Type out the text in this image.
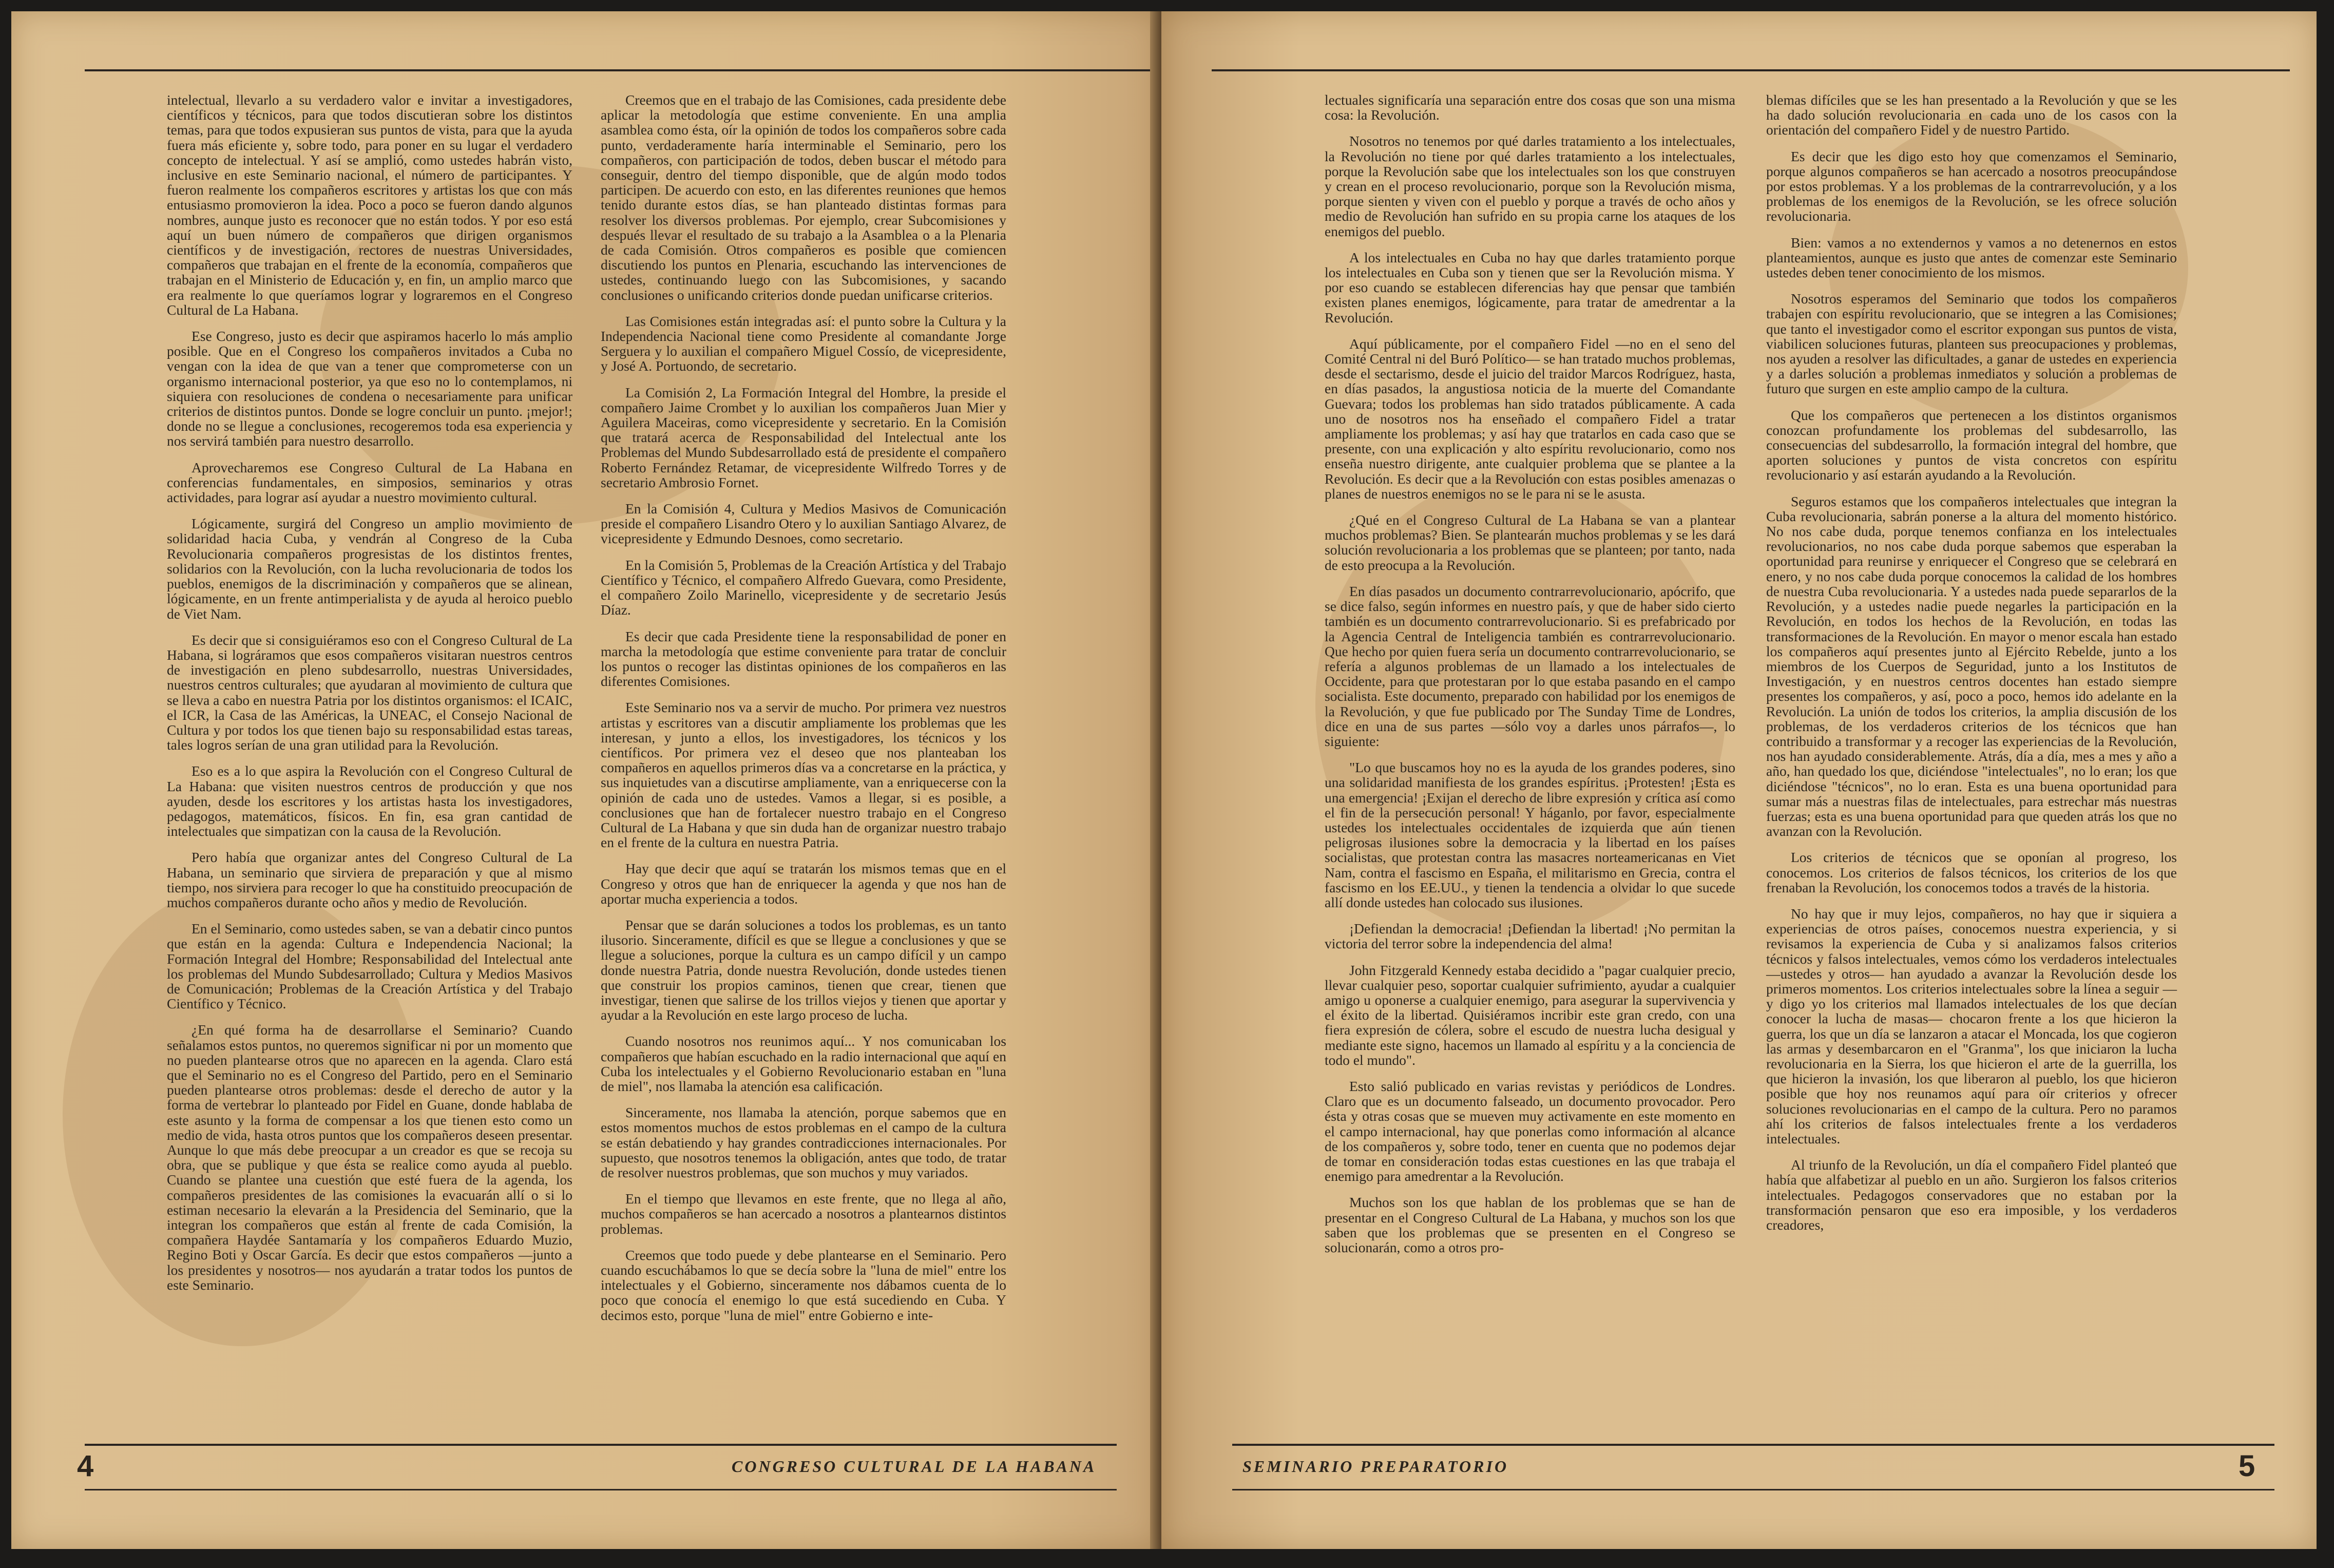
intelectual, llevarlo a su verdadero valor e invitar a investigadores, científicos y técnicos, para que todos discutieran sobre los distintos temas, para que todos expusieran sus puntos de vista, para que la ayuda fuera más eficiente y, sobre todo, para poner en su lugar el verdadero concepto de intelectual. Y así se amplió, como ustedes habrán visto, inclusive en este Seminario nacional, el número de participantes. Y fueron realmente los compañeros escritores y artistas los que con más entusiasmo promovieron la idea. Poco a poco se fueron dando algunos nombres, aunque justo es reconocer que no están todos. Y por eso está aquí un buen número de compañeros que dirigen organismos científicos y de investigación, rectores de nuestras Universidades, compañeros que trabajan en el frente de la economía, compañeros que trabajan en el Ministerio de Educación y, en fin, un amplio marco que era realmente lo que queríamos lograr y lograremos en el Congreso Cultural de La Habana.

Ese Congreso, justo es decir que aspiramos hacerlo lo más amplio posible. Que en el Congreso los compañeros invitados a Cuba no vengan con la idea de que van a tener que comprometerse con un organismo internacional posterior, ya que eso no lo contemplamos, ni siquiera con resoluciones de condena o necesariamente para unificar criterios de distintos puntos. Donde se logre concluir un punto. ¡mejor!; donde no se llegue a conclusiones, recogeremos toda esa experiencia y nos servirá también para nuestro desarrollo.

Aprovecharemos ese Congreso Cultural de La Habana en conferencias fundamentales, en simposios, seminarios y otras actividades, para lograr así ayudar a nuestro movimiento cultural.

Lógicamente, surgirá del Congreso un amplio movimiento de solidaridad hacia Cuba, y vendrán al Congreso de la Cuba Revolucionaria compañeros progresistas de los distintos frentes, solidarios con la Revolución, con la lucha revolucionaria de todos los pueblos, enemigos de la discriminación y compañeros que se alinean, lógicamente, en un frente antimperialista y de ayuda al heroico pueblo de Viet Nam.

Es decir que si consiguiéramos eso con el Congreso Cultural de La Habana, si lográramos que esos compañeros visitaran nuestros centros de investigación en pleno subdesarrollo, nuestras Universidades, nuestros centros culturales; que ayudaran al movimiento de cultura que se lleva a cabo en nuestra Patria por los distintos organismos: el ICAIC, el ICR, la Casa de las Américas, la UNEAC, el Consejo Nacional de Cultura y por todos los que tienen bajo su responsabilidad estas tareas, tales logros serían de una gran utilidad para la Revolución.

Eso es a lo que aspira la Revolución con el Congreso Cultural de La Habana: que visiten nuestros centros de producción y que nos ayuden, desde los escritores y los artistas hasta los investigadores, pedagogos, matemáticos, físicos. En fin, esa gran cantidad de intelectuales que simpatizan con la causa de la Revolución.

Pero había que organizar antes del Congreso Cultural de La Habana, un seminario que sirviera de preparación y que al mismo tiempo, nos sirviera para recoger lo que ha constituido preocupación de muchos compañeros durante ocho años y medio de Revolución.

En el Seminario, como ustedes saben, se van a debatir cinco puntos que están en la agenda: Cultura e Independencia Nacional; la Formación Integral del Hombre; Responsabilidad del Intelectual ante los problemas del Mundo Subdesarrollado; Cultura y Medios Masivos de Comunicación; Problemas de la Creación Artística y del Trabajo Científico y Técnico.

¿En qué forma ha de desarrollarse el Seminario? Cuando señalamos estos puntos, no queremos significar ni por un momento que no pueden plantearse otros que no aparecen en la agenda. Claro está que el Seminario no es el Congreso del Partido, pero en el Seminario pueden plantearse otros problemas: desde el derecho de autor y la forma de vertebrar lo planteado por Fidel en Guane, donde hablaba de este asunto y la forma de compensar a los que tienen esto como un medio de vida, hasta otros puntos que los compañeros deseen presentar. Aunque lo que más debe preocupar a un creador es que se recoja su obra, que se publique y que ésta se realice como ayuda al pueblo. Cuando se plantee una cuestión que esté fuera de la agenda, los compañeros presidentes de las comisiones la evacuarán allí o si lo estiman necesario la elevarán a la Presidencia del Seminario, que la integran los compañeros que están al frente de cada Comisión, la compañera Haydée Santamaría y los compañeros Eduardo Muzio, Regino Boti y Oscar García. Es decir que estos compañeros —junto a los presidentes y nosotros— nos ayudarán a tratar todos los puntos de este Seminario.

Creemos que en el trabajo de las Comisiones, cada presidente debe aplicar la metodología que estime conveniente. En una amplia asamblea como ésta, oír la opinión de todos los compañeros sobre cada punto, verdaderamente haría interminable el Seminario, pero los compañeros, con participación de todos, deben buscar el método para conseguir, dentro del tiempo disponible, que de algún modo todos participen. De acuerdo con esto, en las diferentes reuniones que hemos tenido durante estos días, se han planteado distintas formas para resolver los diversos problemas. Por ejemplo, crear Subcomisiones y después llevar el resultado de su trabajo a la Asamblea o a la Plenaria de cada Comisión. Otros compañeros es posible que comiencen discutiendo los puntos en Plenaria, escuchando las intervenciones de ustedes, continuando luego con las Subcomisiones, y sacando conclusiones o unificando criterios donde puedan unificarse criterios.

Las Comisiones están integradas así: el punto sobre la Cultura y la Independencia Nacional tiene como Presidente al comandante Jorge Serguera y lo auxilian el compañero Miguel Cossío, de vicepresidente, y José A. Portuondo, de secretario.

La Comisión 2, La Formación Integral del Hombre, la preside el compañero Jaime Crombet y lo auxilian los compañeros Juan Mier y Aguilera Maceiras, como vicepresidente y secretario. En la Comisión que tratará acerca de Responsabilidad del Intelectual ante los Problemas del Mundo Subdesarrollado está de presidente el compañero Roberto Fernández Retamar, de vicepresidente Wilfredo Torres y de secretario Ambrosio Fornet.

En la Comisión 4, Cultura y Medios Masivos de Comunicación preside el compañero Lisandro Otero y lo auxilian Santiago Alvarez, de vicepresidente y Edmundo Desnoes, como secretario.

En la Comisión 5, Problemas de la Creación Artística y del Trabajo Científico y Técnico, el compañero Alfredo Guevara, como Presidente, el compañero Zoilo Marinello, vicepresidente y de secretario Jesús Díaz.

Es decir que cada Presidente tiene la responsabilidad de poner en marcha la metodología que estime conveniente para tratar de concluir los puntos o recoger las distintas opiniones de los compañeros en las diferentes Comisiones.

Este Seminario nos va a servir de mucho. Por primera vez nuestros artistas y escritores van a discutir ampliamente los problemas que les interesan, y junto a ellos, los investigadores, los técnicos y los científicos. Por primera vez el deseo que nos planteaban los compañeros en aquellos primeros días va a concretarse en la práctica, y sus inquietudes van a discutirse ampliamente, van a enriquecerse con la opinión de cada uno de ustedes. Vamos a llegar, si es posible, a conclusiones que han de fortalecer nuestro trabajo en el Congreso Cultural de La Habana y que sin duda han de organizar nuestro trabajo en el frente de la cultura en nuestra Patria.

Hay que decir que aquí se tratarán los mismos temas que en el Congreso y otros que han de enriquecer la agenda y que nos han de aportar mucha experiencia a todos.

Pensar que se darán soluciones a todos los problemas, es un tanto ilusorio. Sinceramente, difícil es que se llegue a conclusiones y que se llegue a soluciones, porque la cultura es un campo difícil y un campo donde nuestra Patria, donde nuestra Revolución, donde ustedes tienen que construir los propios caminos, tienen que crear, tienen que investigar, tienen que salirse de los trillos viejos y tienen que aportar y ayudar a la Revolución en este largo proceso de lucha.

Cuando nosotros nos reunimos aquí... Y nos comunicaban los compañeros que habían escuchado en la radio internacional que aquí en Cuba los intelectuales y el Gobierno Revolucionario estaban en "luna de miel", nos llamaba la atención esa calificación.

Sinceramente, nos llamaba la atención, porque sabemos que en estos momentos muchos de estos problemas en el campo de la cultura se están debatiendo y hay grandes contradicciones internacionales. Por supuesto, que nosotros tenemos la obligación, antes que todo, de tratar de resolver nuestros problemas, que son muchos y muy variados.

En el tiempo que llevamos en este frente, que no llega al año, muchos compañeros se han acercado a nosotros a plantearnos distintos problemas.

Creemos que todo puede y debe plantearse en el Seminario. Pero cuando escuchábamos lo que se decía sobre la "luna de miel" entre los intelectuales y el Gobierno, sinceramente nos dábamos cuenta de lo poco que conocía el enemigo lo que está sucediendo en Cuba. Y decimos esto, porque "luna de miel" entre Gobierno e inte-

4	CONGRESO CULTURAL DE LA HABANA

lectuales significaría una separación entre dos cosas que son una misma cosa: la Revolución.

Nosotros no tenemos por qué darles tratamiento a los intelectuales, la Revolución no tiene por qué darles tratamiento a los intelectuales, porque la Revolución sabe que los intelectuales son los que construyen y crean en el proceso revolucionario, porque son la Revolución misma, porque sienten y viven con el pueblo y porque a través de ocho años y medio de Revolución han sufrido en su propia carne los ataques de los enemigos del pueblo.

A los intelectuales en Cuba no hay que darles tratamiento porque los intelectuales en Cuba son y tienen que ser la Revolución misma. Y por eso cuando se establecen diferencias hay que pensar que también existen planes enemigos, lógicamente, para tratar de amedrentar a la Revolución.

Aquí públicamente, por el compañero Fidel —no en el seno del Comité Central ni del Buró Político— se han tratado muchos problemas, desde el sectarismo, desde el juicio del traidor Marcos Rodríguez, hasta, en días pasados, la angustiosa noticia de la muerte del Comandante Guevara; todos los problemas han sido tratados públicamente. A cada uno de nosotros nos ha enseñado el compañero Fidel a tratar ampliamente los problemas; y así hay que tratarlos en cada caso que se presente, con una explicación y alto espíritu revolucionario, como nos enseña nuestro dirigente, ante cualquier problema que se plantee a la Revolución. Es decir que a la Revolución con estas posibles amenazas o planes de nuestros enemigos no se le para ni se le asusta.

¿Qué en el Congreso Cultural de La Habana se van a plantear muchos problemas? Bien. Se plantearán muchos problemas y se les dará solución revolucionaria a los problemas que se planteen; por tanto, nada de esto preocupa a la Revolución.

En días pasados un documento contrarrevolucionario, apócrifo, que se dice falso, según informes en nuestro país, y que de haber sido cierto también es un documento contrarrevolucionario. Si es prefabricado por la Agencia Central de Inteligencia también es contrarrevolucionario. Que hecho por quien fuera sería un documento contrarrevolucionario, se refería a algunos problemas de un llamado a los intelectuales de Occidente, para que protestaran por lo que estaba pasando en el campo socialista. Este documento, preparado con habilidad por los enemigos de la Revolución, y que fue publicado por The Sunday Time de Londres, dice en una de sus partes —sólo voy a darles unos párrafos—, lo siguiente:

"Lo que buscamos hoy no es la ayuda de los grandes poderes, sino una solidaridad manifiesta de los grandes espíritus. ¡Protesten! ¡Esta es una emergencia! ¡Exijan el derecho de libre expresión y crítica así como el fin de la persecución personal! Y háganlo, por favor, especialmente ustedes los intelectuales occidentales de izquierda que aún tienen peligrosas ilusiones sobre la democracia y la libertad en los países socialistas, que protestan contra las masacres norteamericanas en Viet Nam, contra el fascismo en España, el militarismo en Grecia, contra el fascismo en los EE.UU., y tienen la tendencia a olvidar lo que sucede allí donde ustedes han colocado sus ilusiones.

¡Defiendan la democracia! ¡Defiendan la libertad! ¡No permitan la victoria del terror sobre la independencia del alma!

John Fitzgerald Kennedy estaba decidido a "pagar cualquier precio, llevar cualquier peso, soportar cualquier sufrimiento, ayudar a cualquier amigo u oponerse a cualquier enemigo, para asegurar la supervivencia y el éxito de la libertad. Quisiéramos incribir este gran credo, con una fiera expresión de cólera, sobre el escudo de nuestra lucha desigual y mediante este signo, hacemos un llamado al espíritu y a la conciencia de todo el mundo".

Esto salió publicado en varias revistas y periódicos de Londres. Claro que es un documento falseado, un documento provocador. Pero ésta y otras cosas que se mueven muy activamente en este momento en el campo internacional, hay que ponerlas como información al alcance de los compañeros y, sobre todo, tener en cuenta que no podemos dejar de tomar en consideración todas estas cuestiones en las que trabaja el enemigo para amedrentar a la Revolución.

Muchos son los que hablan de los problemas que se han de presentar en el Congreso Cultural de La Habana, y muchos son los que saben que los problemas que se presenten en el Congreso se solucionarán, como a otros pro-

blemas difíciles que se les han presentado a la Revolución y que se les ha dado solución revolucionaria en cada uno de los casos con la orientación del compañero Fidel y de nuestro Partido.

Es decir que les digo esto hoy que comenzamos el Seminario, porque algunos compañeros se han acercado a nosotros preocupándose por estos problemas. Y a los problemas de la contrarrevolución, y a los problemas de los enemigos de la Revolución, se les ofrece solución revolucionaria.

Bien: vamos a no extendernos y vamos a no detenernos en estos planteamientos, aunque es justo que antes de comenzar este Seminario ustedes deben tener conocimiento de los mismos.

Nosotros esperamos del Seminario que todos los compañeros trabajen con espíritu revolucionario, que se integren a las Comisiones; que tanto el investigador como el escritor expongan sus puntos de vista, viabilicen soluciones futuras, planteen sus preocupaciones y problemas, nos ayuden a resolver las dificultades, a ganar de ustedes en experiencia y a darles solución a problemas inmediatos y solución a problemas de futuro que surgen en este amplio campo de la cultura.

Que los compañeros que pertenecen a los distintos organismos conozcan profundamente los problemas del subdesarrollo, las consecuencias del subdesarrollo, la formación integral del hombre, que aporten soluciones y puntos de vista concretos con espíritu revolucionario y así estarán ayudando a la Revolución.

Seguros estamos que los compañeros intelectuales que integran la Cuba revolucionaria, sabrán ponerse a la altura del momento histórico. No nos cabe duda, porque tenemos confianza en los intelectuales revolucionarios, no nos cabe duda porque sabemos que esperaban la oportunidad para reunirse y enriquecer el Congreso que se celebrará en enero, y no nos cabe duda porque conocemos la calidad de los hombres de nuestra Cuba revolucionaria. Y a ustedes nada puede separarlos de la Revolución, y a ustedes nadie puede negarles la participación en la Revolución, en todos los hechos de la Revolución, en todas las transformaciones de la Revolución. En mayor o menor escala han estado los compañeros aquí presentes junto al Ejército Rebelde, junto a los miembros de los Cuerpos de Seguridad, junto a los Institutos de Investigación, y en nuestros centros docentes han estado siempre presentes los compañeros, y así, poco a poco, hemos ido adelante en la Revolución. La unión de todos los criterios, la amplia discusión de los problemas, de los verdaderos criterios de los técnicos que han contribuido a transformar y a recoger las experiencias de la Revolución, nos han ayudado considerablemente. Atrás, día a día, mes a mes y año a año, han quedado los que, diciéndose "intelectuales", no lo eran; los que diciéndose "técnicos", no lo eran. Esta es una buena oportunidad para sumar más a nuestras filas de intelectuales, para estrechar más nuestras fuerzas; esta es una buena oportunidad para que queden atrás los que no avanzan con la Revolución.

Los criterios de técnicos que se oponían al progreso, los conocemos. Los criterios de falsos técnicos, los criterios de los que frenaban la Revolución, los conocemos todos a través de la historia.

No hay que ir muy lejos, compañeros, no hay que ir siquiera a experiencias de otros países, conocemos nuestra experiencia, y si revisamos la experiencia de Cuba y si analizamos falsos criterios técnicos y falsos intelectuales, vemos cómo los verdaderos intelectuales —ustedes y otros— han ayudado a avanzar la Revolución desde los primeros momentos. Los criterios intelectuales sobre la línea a seguir —y digo yo los criterios mal llamados intelectuales de los que decían conocer la lucha de masas— chocaron frente a los que hicieron la guerra, los que un día se lanzaron a atacar el Moncada, los que cogieron las armas y desembarcaron en el "Granma", los que iniciaron la lucha revolucionaria en la Sierra, los que hicieron el arte de la guerrilla, los que hicieron la invasión, los que liberaron al pueblo, los que hicieron posible que hoy nos reunamos aquí para oír criterios y ofrecer soluciones revolucionarias en el campo de la cultura. Pero no paramos ahí los criterios de falsos intelectuales frente a los verdaderos intelectuales.

Al triunfo de la Revolución, un día el compañero Fidel planteó que había que alfabetizar al pueblo en un año. Surgieron los falsos criterios intelectuales. Pedagogos conservadores que no estaban por la transformación pensaron que eso era imposible, y los verdaderos creadores,

SEMINARIO PREPARATORIO	5
